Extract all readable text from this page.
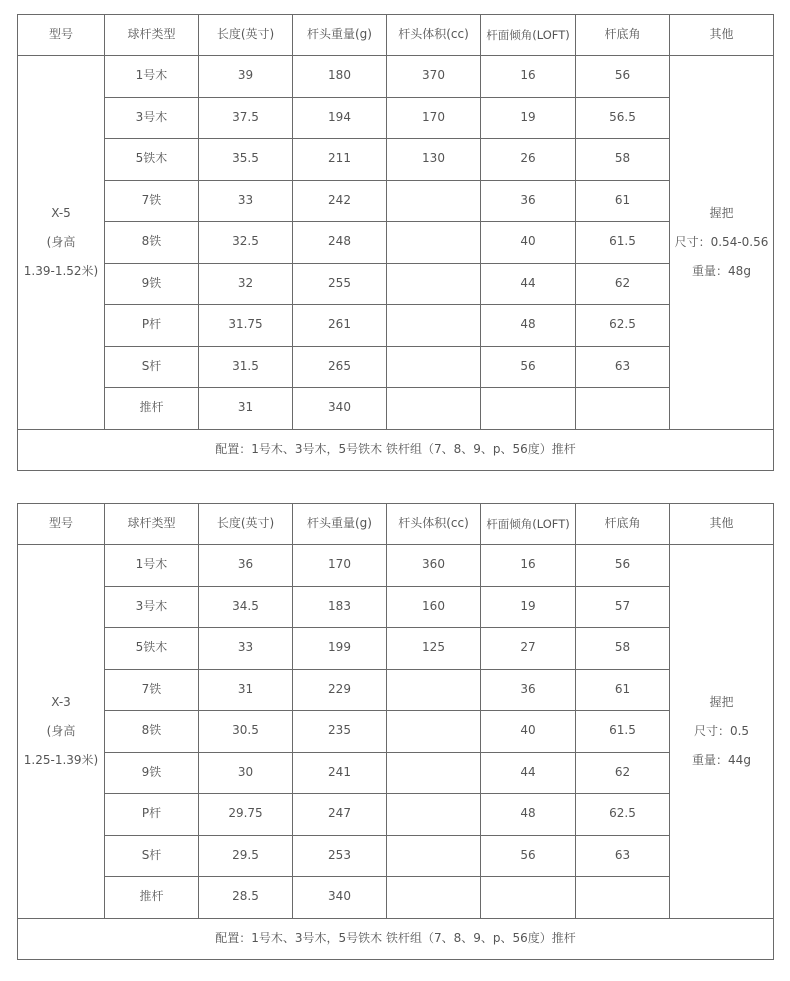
型号	球杆类型	长度(英寸)	杆头重量(g)	杆头体积(cc)	杆面倾角(LOFT)	杆底角	其他

X-5
(身高
1.39-1.52米)	1号木	39	180	370	16	56	握把
尺寸：0.54-0.56
重量：48g

	3号木	37.5	194	170	19	56.5	
	5铁木	35.5	211	130	26	58	
	7铁	33	242		36	61	
	8铁	32.5	248		40	61.5	
	9铁	32	255		44	62	
	P杆	31.75	261		48	62.5	
	S杆	31.5	265		56	63	
	推杆	31	340				
配置：1号木、3号木，5号铁木 铁杆组（7、8、9、p、56度）推杆							
型号	球杆类型	长度(英寸)	杆头重量(g)	杆头体积(cc)	杆面倾角(LOFT)	杆底角	其他

X-3
(身高
1.25-1.39米)	1号木	36	170	360	16	56	握把
尺寸：0.5
重量：44g

	3号木	34.5	183	160	19	57	
	5铁木	33	199	125	27	58	
	7铁	31	229		36	61	
	8铁	30.5	235		40	61.5	
	9铁	30	241		44	62	
	P杆	29.75	247		48	62.5	
	S杆	29.5	253		56	63	
	推杆	28.5	340				
配置：1号木、3号木，5号铁木 铁杆组（7、8、9、p、56度）推杆							
